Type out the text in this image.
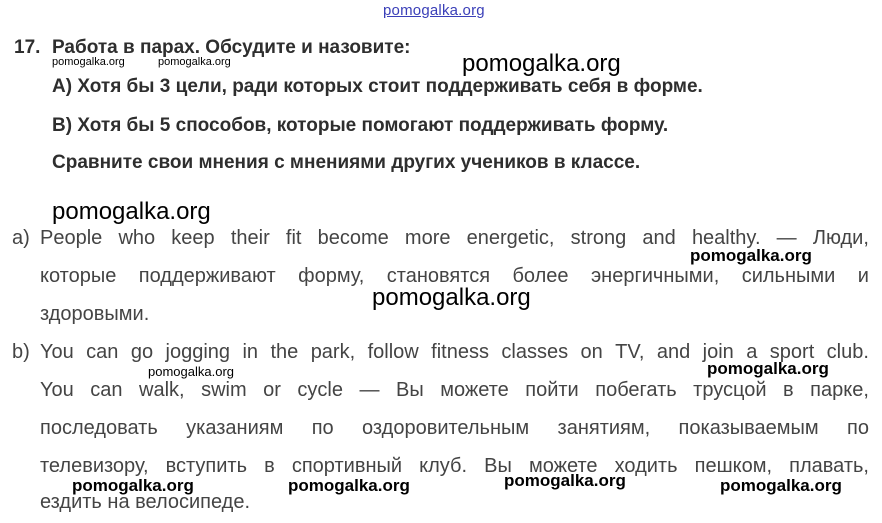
pomogalka.org
pomogalka.org	pomogalka.org	pomogalka.org
pomogalka.org
pomogalka.org
pomogalka.org
pomogalka.org	pomogalka.org
pomogalka.org	pomogalka.org	pomogalka.org	pomogalka.org
17. Работа в парах. Обсудите и назовите:
А) Хотя бы 3 цели, ради которых стоит поддерживать себя в форме.
В) Хотя бы 5 способов, которые помогают поддерживать форму.
Сравните свои мнения с мнениями других учеников в классе.
a) People who keep their fit become more energetic, strong and healthy. — Люди,
которые поддерживают форму, становятся более энергичными, сильными и
здоровыми.
b) You can go jogging in the park, follow fitness classes on TV, and join a sport club.
You can walk, swim or cycle — Вы можете пойти побегать трусцой в парке,
последовать указаниям по оздоровительным занятиям, показываемым по
телевизору, вступить в спортивный клуб. Вы можете ходить пешком, плавать,
ездить на велосипеде.
